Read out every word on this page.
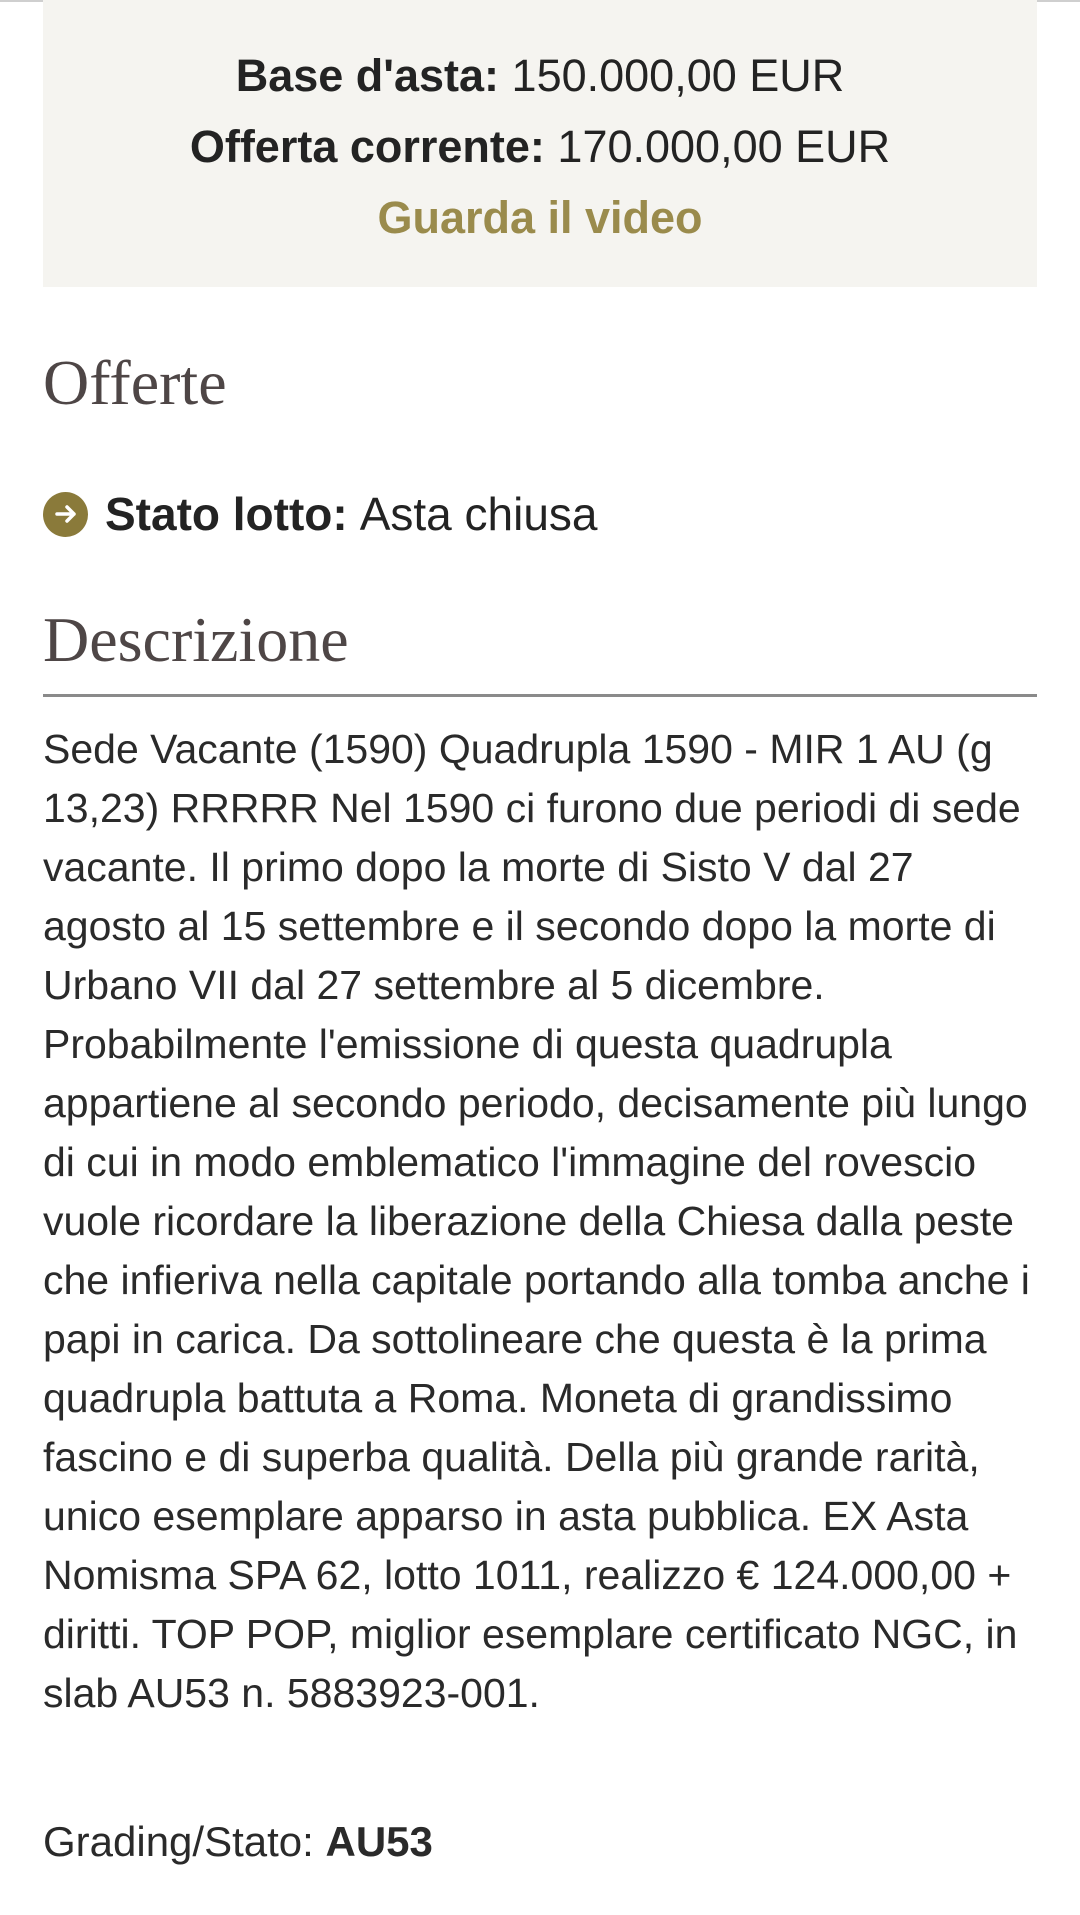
Base d'asta: 150.000,00 EUR
Offerta corrente: 170.000,00 EUR
Guarda il video
Offerte
Stato lotto: Asta chiusa
Descrizione

Sede Vacante (1590) Quadrupla 1590 - MIR 1 AU (g 13,23) RRRRR Nel 1590 ci furono due periodi di sede vacante. Il primo dopo la morte di Sisto V dal 27 agosto al 15 settembre e il secondo dopo la morte di Urbano VII dal 27 settembre al 5 dicembre. Probabilmente l'emissione di questa quadrupla appartiene al secondo periodo, decisamente più lungo di cui in modo emblematico l'immagine del rovescio vuole ricordare la liberazione della Chiesa dalla peste che infieriva nella capitale portando alla tomba anche i papi in carica. Da sottolineare che questa è la prima quadrupla battuta a Roma. Moneta di grandissimo fascino e di superba qualità. Della più grande rarità, unico esemplare apparso in asta pubblica. EX Asta Nomisma SPA 62, lotto 1011, realizzo € 124.000,00 + diritti. TOP POP, miglior esemplare certificato NGC, in slab AU53 n. 5883923-001.

Grading/Stato: AU53
